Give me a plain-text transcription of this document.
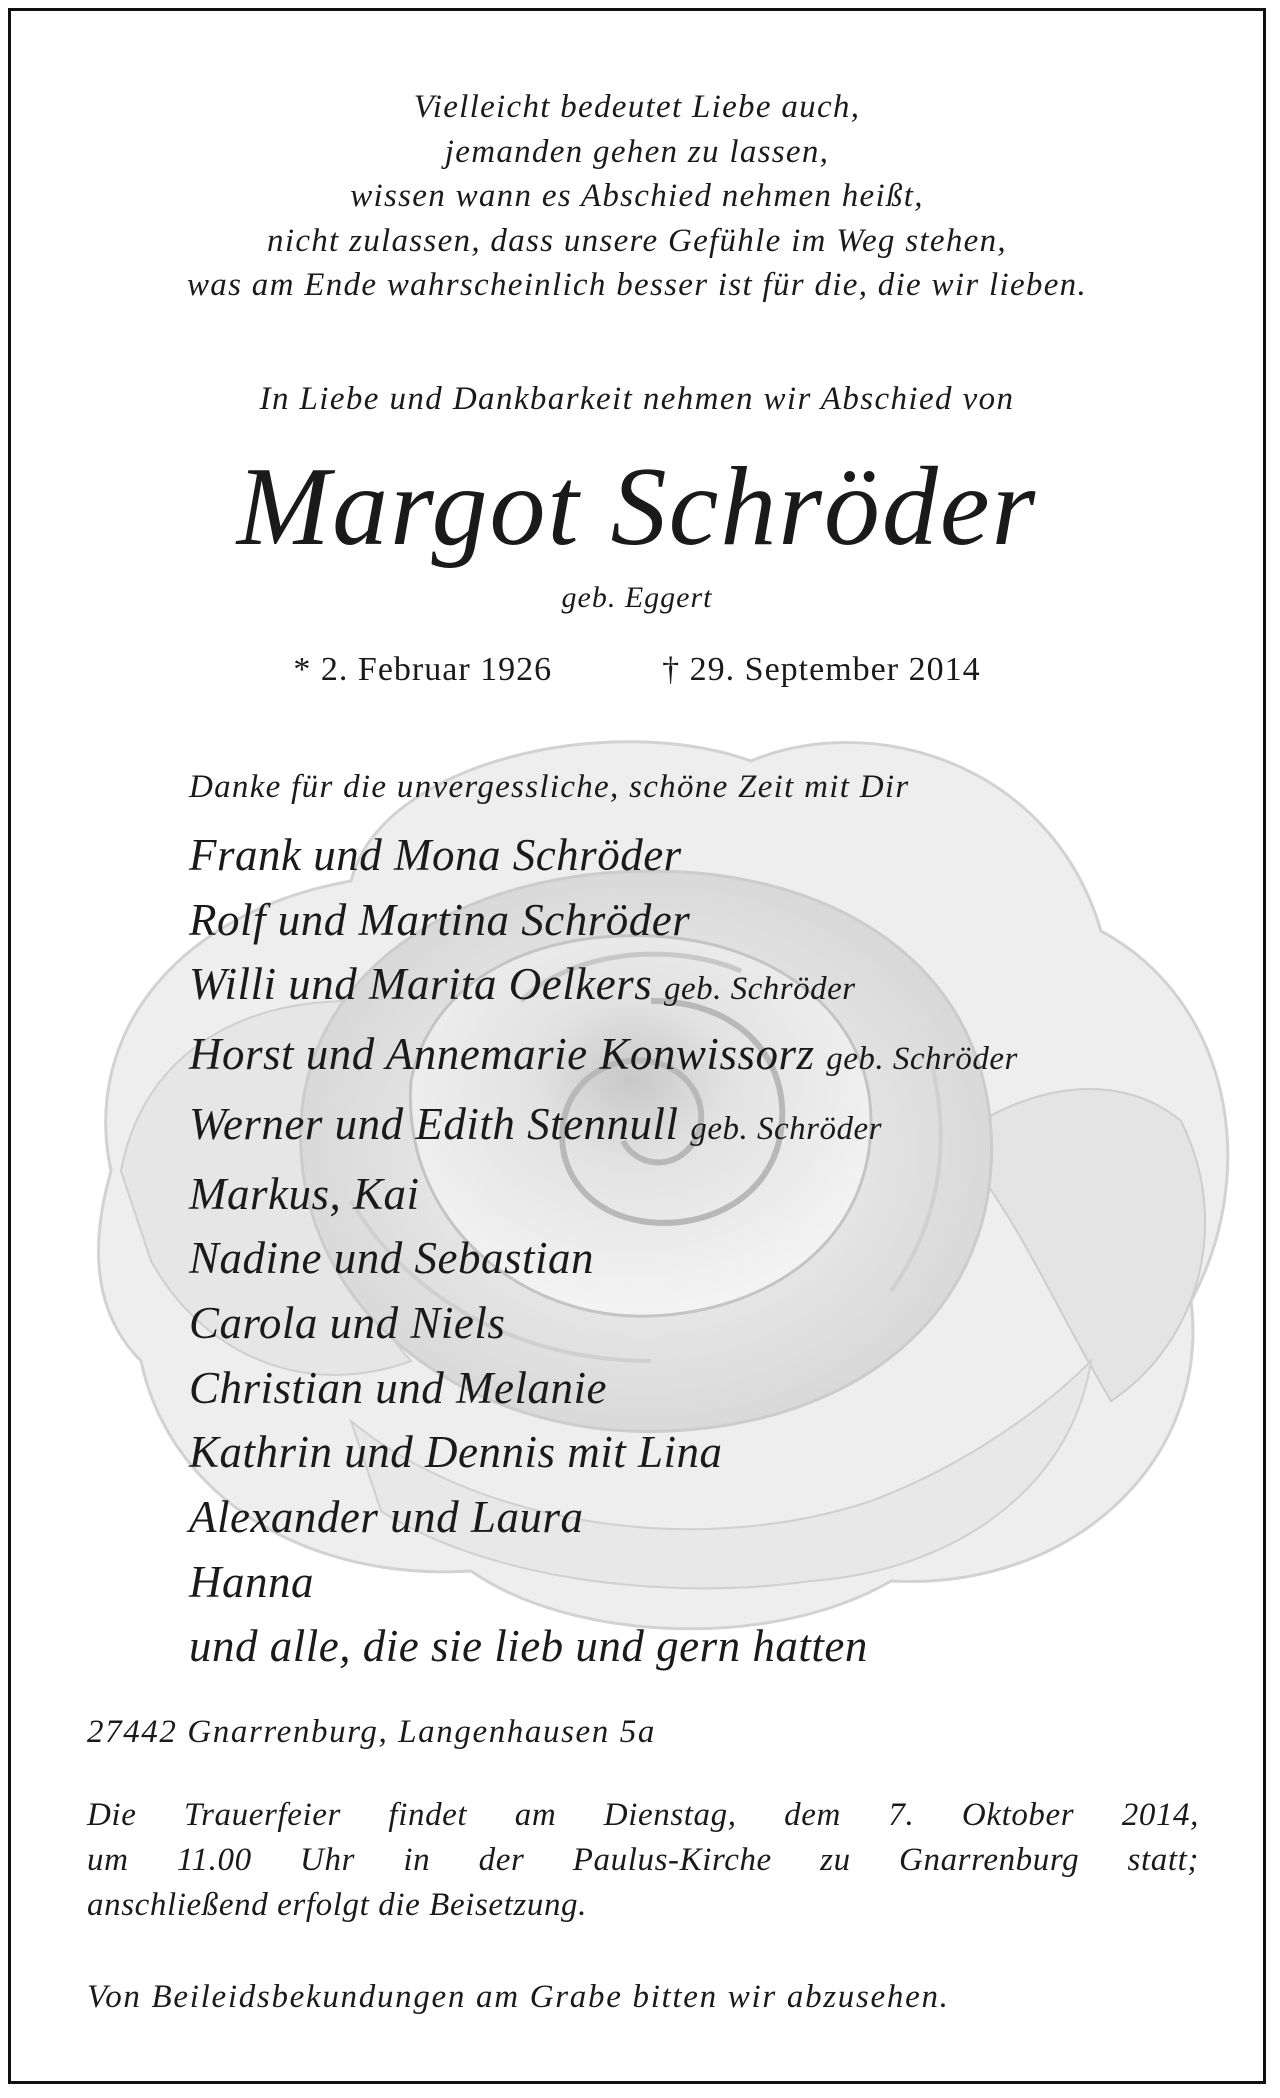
Vielleicht bedeutet Liebe auch,
jemanden gehen zu lassen,
wissen wann es Abschied nehmen heißt,
nicht zulassen, dass unsere Gefühle im Weg stehen,
was am Ende wahrscheinlich besser ist für die, die wir lieben.
In Liebe und Dankbarkeit nehmen wir Abschied von
Margot Schröder
geb. Eggert
* 2. Februar 1926	† 29. September 2014
Danke für die unvergessliche, schöne Zeit mit Dir
Frank und Mona Schröder
Rolf und Martina Schröder
Willi und Marita Oelkers geb. Schröder
Horst und Annemarie Konwissorz geb. Schröder
Werner und Edith Stennull geb. Schröder
Markus, Kai
Nadine und Sebastian
Carola und Niels
Christian und Melanie
Kathrin und Dennis mit Lina
Alexander und Laura
Hanna
und alle, die sie lieb und gern hatten
27442 Gnarrenburg, Langenhausen 5a
Die Trauerfeier findet am Dienstag, dem 7. Oktober 2014,
um 11.00 Uhr in der Paulus-Kirche zu Gnarrenburg statt;
anschließend erfolgt die Beisetzung.
Von Beileidsbekundungen am Grabe bitten wir abzusehen.
